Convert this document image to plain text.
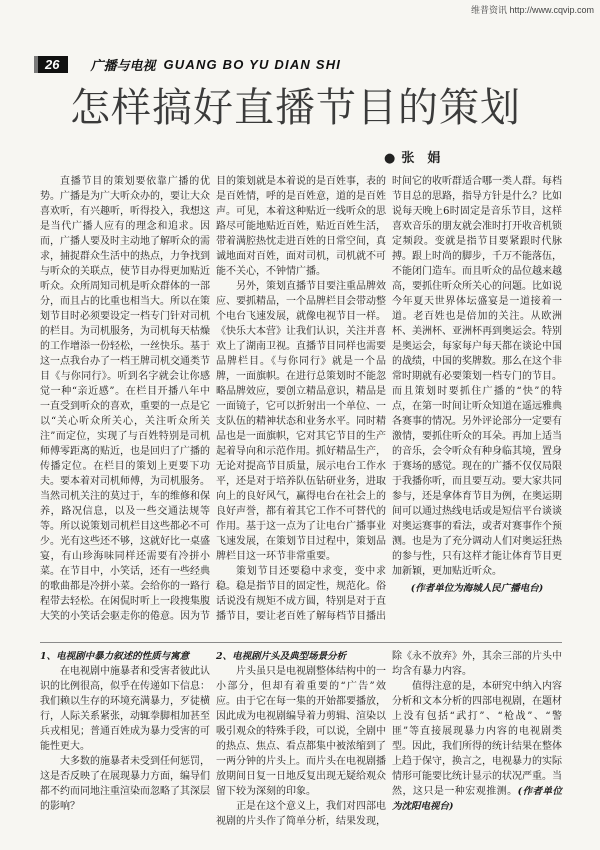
维普资讯 http://www.cqvip.com
26	广播与电视 GUANG BO YU DIAN SHI
怎样搞好直播节目的策划
● 张　娟

直播节目的策划要依靠广播的优势。广播是为广大听众办的，要让大众喜欢听，有兴趣听，听得投入，我想这是当代广播人应有的理念和追求。因而，广播人要及时主动地了解听众的需求，捕捉群众生活中的热点，力争找到与听众的关联点，使节目办得更加贴近听众。众所周知司机是听众群体的一部分，而且占的比重也相当大。所以在策划节目时必须要设定一档专门针对司机的栏目。为司机服务，为司机每天枯燥的工作增添一份轻松，一丝快乐。基于这一点我台办了一档王牌司机交通类节目《与你同行》。听到名字就会让你感觉一种“亲近感”。在栏目开播八年中一直受到听众的喜欢，重要的一点是它以“关心听众所关心，关注听众所关注”而定位，实现了与百姓特别是司机师傅零距离的贴近，也是回归了广播的传播定位。在栏目的策划上更要下功夫。要本着对司机师傅，为司机服务。当然司机关注的莫过于，车的维修和保养，路况信息，以及一些交通法规等等。所以说策划司机栏目这些都必不可少。光有这些还不够，这就好比一桌盛宴，有山珍海味同样还需要有冷拼小菜。在节目中，小笑话，还有一些经典的歌曲都是冷拼小菜。会给你的一路行程带去轻松。在闲侃时听上一段搜集腹大笑的小笑话会驱走你的倦意。因为节目的策划就是本着说的是百姓事，表的是百姓情，呼的是百姓意，道的是百姓声。可见，本着这种贴近一线听众的思路尽可能地贴近百姓，贴近百姓生活，带着满腔热忱走进百姓的日常空间，真诚地面对百姓，面对司机，司机就不可能不关心，不钟情广播。

另外，策划直播节目要注重品牌效应、要抓精品，一个品牌栏目会带动整个电台飞速发展，就像电视节目一样。《快乐大本营》让我们认识，关注并喜欢上了湖南卫视。直播节目同样也需要品牌栏目。《与你同行》就是一个品牌，一面旗帜。在进行总策划时不能忽略品牌效应，要创立精品意识，精品是一面镜子，它可以折射出一个单位、一支队伍的精神状态和业务水平。同时精品也是一面旗帜，它对其它节目的生产起着导向和示范作用。抓好精品生产，无论对提高节目质量，展示电台工作水平，还是对于培养队伍钻研业务，进取向上的良好风气，赢得电台在社会上的良好声誉，都有着其它工作不可替代的作用。基于这一点为了让电台广播事业飞速发展，在策划节目过程中，策划品牌栏目这一环节非常重要。

策划节目还要稳中求变，变中求稳。稳是指节目的固定性，规范化。俗话说没有规矩不成方圆，特别是对于直播节目，要让老百姓了解每档节目播出时间它的收听群适合哪一类人群。每档节目总的思路，指导方针是什么？比如说每天晚上6时固定是音乐节目，这样喜欢音乐的朋友就会准时打开收音机锁定频段。变就是指节目要紧跟时代脉搏。跟上时尚的脚步，千万不能落伍，不能闭门造车。而且听众的品位越来越高，要抓住听众所关心的问题。比如说今年夏天世界体坛盛宴是一道接着一道。老百姓也是倍加的关注。从欧洲杯、美洲杯、亚洲杯再到奥运会。特别是奥运会，每家每户每天都在谈论中国的战绩，中国的奖牌数。那么在这个非常时期就有必要策划一档专门的节目。而且策划时要抓住广播的“快”的特点，在第一时间让听众知道在遥远雅典各赛事的情况。另外评论部分一定要有激情，要抓住听众的耳朵。再加上适当的音乐，会令听众有种身临其境，置身于赛场的感觉。现在的广播不仅仅局限于我播你听，而且要互动。要大家共同参与，还是拿体育节目为例，在奥运期间可以通过热线电话或是短信平台谈谈对奥运赛事的看法，或者对赛事作个预测。也是为了充分调动人们对奥运狂热的参与性，只有这样才能让体育节目更加新颖，更加贴近听众。

(作者单位为海城人民广播电台)
1、电视剧中暴力叙述的性质与寓意

在电视剧中施暴者和受害者彼此认识的比例很高，似乎在传递如下信息：我们赖以生存的环境充满暴力，歹徒横行，人际关系紧张，动辄拳脚相加甚至兵戎相见；普通百姓成为暴力受害的可能性更大。

大多数的施暴者未受到任何惩罚，这是否反映了在展现暴力方面，编导们都不约而同地注重渲染而忽略了其深层的影响？

2、电视剧片头及典型场景分析

片头虽只是电视剧整体结构中的一小部分，但却有着重要的“广告”效应。由于它在每一集的开始都要播放，因此成为电视剧编导着力剪辑、渲染以吸引观众的特殊手段，可以说，全剧中的热点、焦点、看点都集中被浓缩到了一两分钟的片头上。而片头在电视剧播放期间日复一日地反复出现无疑给观众留下较为深刻的印象。

正是在这个意义上，我们对四部电视剧的片头作了简单分析，结果发现，除《永不放弃》外，其余三部的片头中均含有暴力内容。

值得注意的是，本研究中纳入内容分析和文本分析的四部电视剧，在题材上没有包括“武打”、“枪战”、“警匪”等直接展现暴力内容的电视剧类型。因此，我们所得的统计结果在整体上趋于保守，换言之，电视暴力的实际情形可能要比统计显示的状况严重。当然，这只是一种宏观推测。(作者单位为沈阳电视台)
